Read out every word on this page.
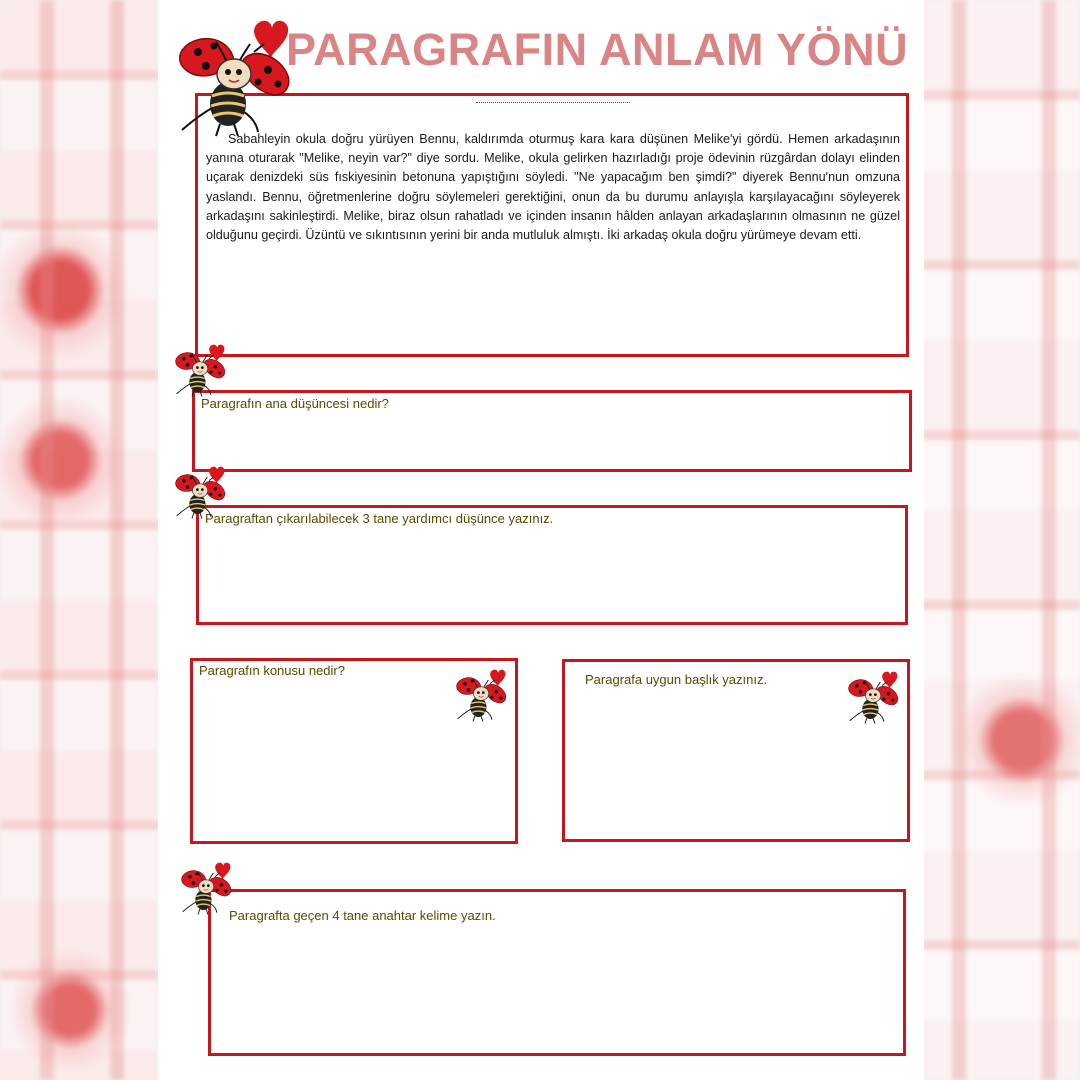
PARAGRAFIN ANLAM YÖNÜ

Sabahleyin okula doğru yürüyen Bennu, kaldırımda oturmuş kara kara düşünen Melike'yi gördü. Hemen arkadaşının yanına oturarak "Melike, neyin var?" diye sordu. Melike, okula gelirken hazırladığı proje ödevinin rüzgârdan dolayı elinden uçarak denizdeki süs fıskiyesinin betonuna yapıştığını söyledi. "Ne yapacağım ben şimdi?" diyerek Bennu'nun omzuna yaslandı. Bennu, öğretmenlerine doğru söylemeleri gerektiğini, onun da bu durumu anlayışla karşılayacağını söyleyerek arkadaşını sakinleştirdi. Melike, biraz olsun rahatladı ve içinden insanın hâlden anlayan arkadaşlarının olmasının ne güzel olduğunu geçirdi. Üzüntü ve sıkıntısının yerini bir anda mutluluk almıştı. İki arkadaş okula doğru yürümeye devam etti.

Paragrafın ana düşüncesi nedir?
Paragraftan çıkarılabilecek 3 tane yardımcı düşünce yazınız.
Paragrafın konusu nedir?
Paragrafa uygun başlık yazınız.
Paragrafta geçen 4 tane anahtar kelime yazın.
